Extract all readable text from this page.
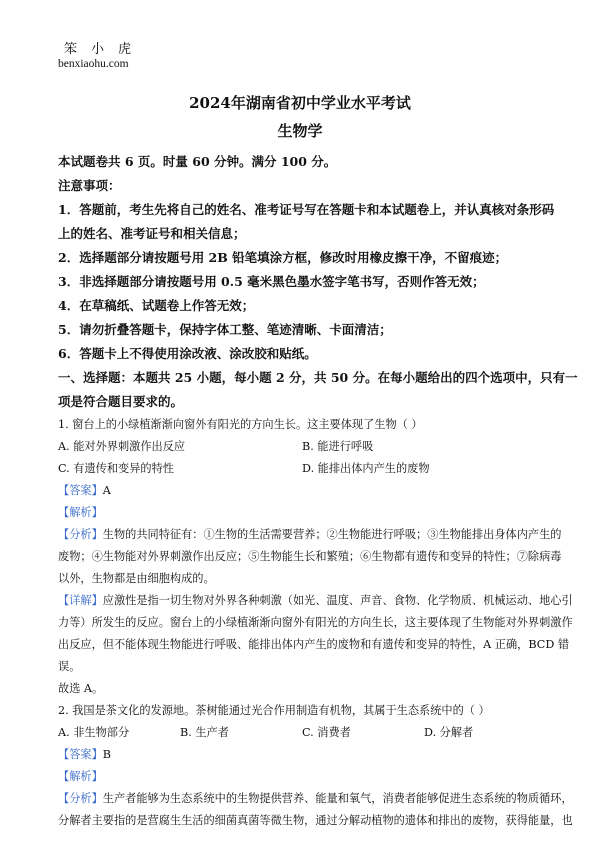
笨小虎
benxiaohu.com
2024年湖南省初中学业水平考试
生物学
本试题卷共 6 页。时量 60 分钟。满分 100 分。
注意事项：
1．答题前，考生先将自己的姓名、准考证号写在答题卡和本试题卷上，并认真核对条形码
上的姓名、准考证号和相关信息；
2．选择题部分请按题号用 2B 铅笔填涂方框，修改时用橡皮擦干净，不留痕迹；
3．非选择题部分请按题号用 0.5 毫米黑色墨水签字笔书写，否则作答无效；
4．在草稿纸、试题卷上作答无效；
5．请勿折叠答题卡，保持字体工整、笔迹清晰、卡面清洁；
6．答题卡上不得使用涂改液、涂改胶和贴纸。
一、选择题：本题共 25 小题，每小题 2 分，共 50 分。在每小题给出的四个选项中，只有一
项是符合题目要求的。
1. 窗台上的小绿植渐渐向窗外有阳光的方向生长。这主要体现了生物（ ）
A. 能对外界刺激作出反应	B. 能进行呼吸
C. 有遗传和变异的特性	D. 能排出体内产生的废物
【答案】A
【解析】
【分析】生物的共同特征有：①生物的生活需要营养；②生物能进行呼吸；③生物能排出身体内产生的
废物；④生物能对外界刺激作出反应；⑤生物能生长和繁殖；⑥生物都有遗传和变异的特性；⑦除病毒
以外，生物都是由细胞构成的。
【详解】应激性是指一切生物对外界各种刺激（如光、温度、声音、食物、化学物质、机械运动、地心引
力等）所发生的反应。窗台上的小绿植渐渐向窗外有阳光的方向生长，这主要体现了生物能对外界刺激作
出反应，但不能体现生物能进行呼吸、能排出体内产生的废物和有遗传和变异的特性，A 正确，BCD 错
误。
故选 A。
2. 我国是茶文化的发源地。茶树能通过光合作用制造有机物，其属于生态系统中的（ ）
A. 非生物部分	B. 生产者	C. 消费者	D. 分解者
【答案】B
【解析】
【分析】生产者能够为生态系统中的生物提供营养、能量和氧气，消费者能够促进生态系统的物质循环，
分解者主要指的是营腐生生活的细菌真菌等微生物，通过分解动植物的遗体和排出的废物，获得能量，也
